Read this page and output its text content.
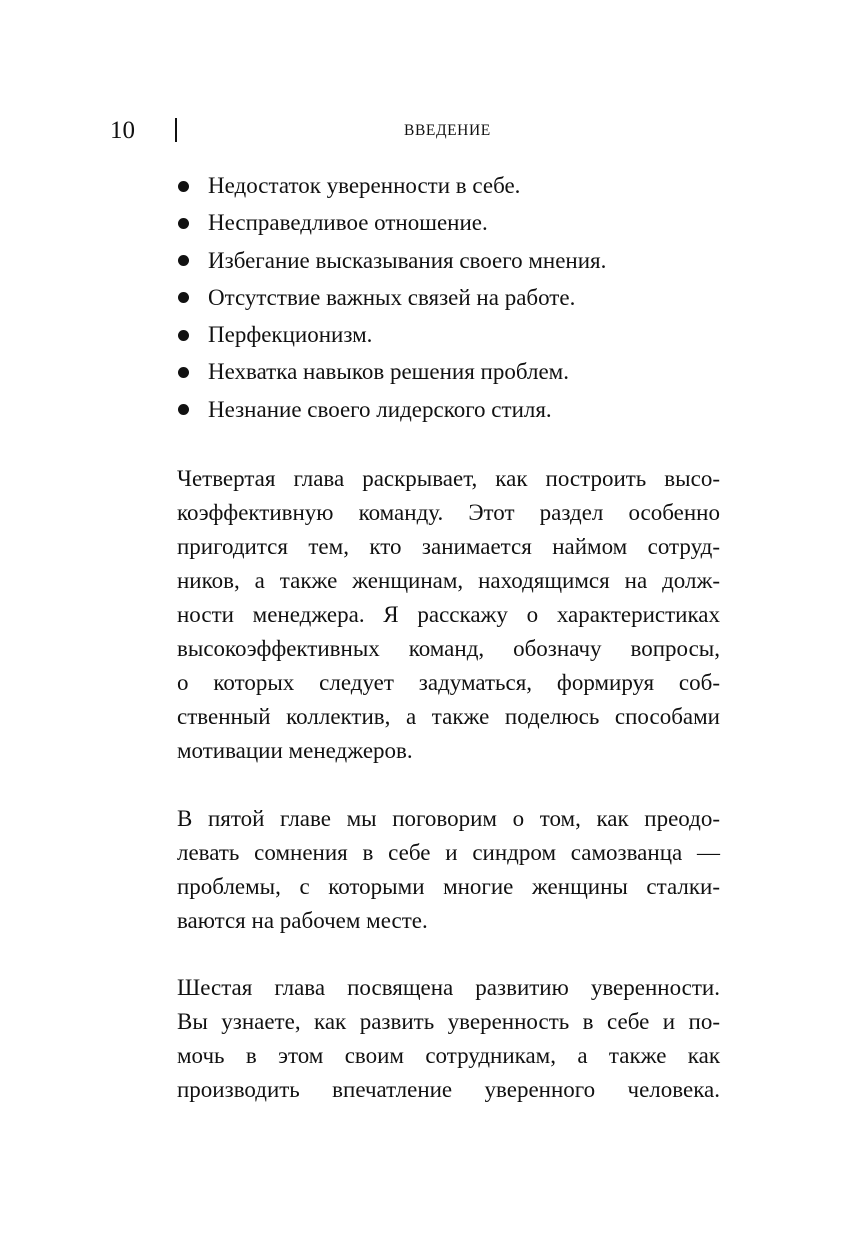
10	ВВЕДЕНИЕ
Недостаток уверенности в себе.
Несправедливое отношение.
Избегание высказывания своего мнения.
Отсутствие важных связей на работе.
Перфекционизм.
Нехватка навыков решения проблем.
Незнание своего лидерского стиля.

Четвертая глава раскрывает, как построить высо-
коэффективную команду. Этот раздел особенно
пригодится тем, кто занимается наймом сотруд-
ников, а также женщинам, находящимся на долж-
ности менеджера. Я расскажу о характеристиках
высокоэффективных команд, обозначу вопросы,
о которых следует задуматься, формируя соб-
ственный коллектив, а также поделюсь способами
мотивации менеджеров.

В пятой главе мы поговорим о том, как преодо-
левать сомнения в себе и синдром самозванца —
проблемы, с которыми многие женщины сталки-
ваются на рабочем месте.

Шестая глава посвящена развитию уверенности.
Вы узнаете, как развить уверенность в себе и по-
мочь в этом своим сотрудникам, а также как
производить впечатление уверенного человека.
